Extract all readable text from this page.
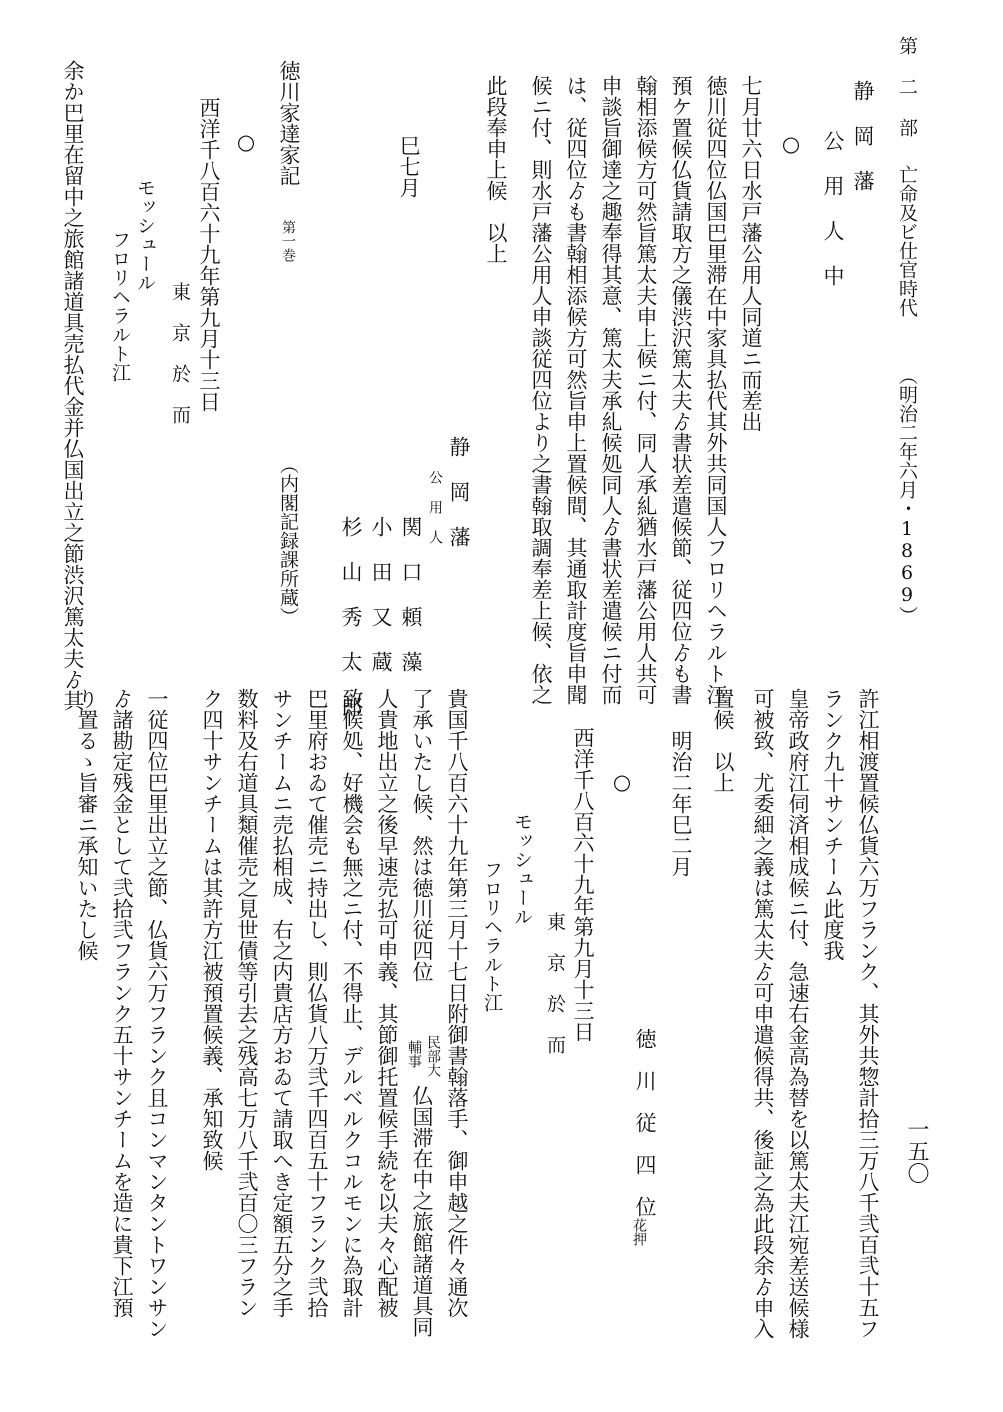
第 二 部
亡命及ビ仕官時代
（明治二年六月・1869）
一五〇
静 岡 藩
公 用 人 中
○
七月廿六日水戸藩公用人同道ニ而差出
徳川従四位仏国巴里滞在中家具払代其外共同国人フロリヘラルト江
預ケ置候仏貨請取方之儀渋沢篤太夫ゟ書状差遣候節、従四位ゟも書
翰相添候方可然旨篤太夫申上候ニ付、同人承糺猶水戸藩公用人共可
申談旨御達之趣奉得其意、篤太夫承糺候処同人ゟ書状差遣候ニ付而
は、従四位ゟも書翰相添候方可然旨申上置候間、其通取計度旨申聞
候ニ付、則水戸藩公用人申談従四位より之書翰取調奉差上候、依之
此段奉申上候　以上
静 岡 藩
公 用 人
関 口 頼 藻
小 田 又 蔵
杉 山 秀 太 郎
巳七月
徳川家達家記
第一巻
（内閣記録課所蔵）
○
西洋千八百六十九年第九月十三日
東 京 於 而
モッシュール
フロリヘラルト江
余か巴里在留中之旅館諸道具売払代金并仏国出立之節渋沢篤太夫ゟ其
許江相渡置候仏貨六万フランク、其外共惣計拾三万八千弐百弐十五フ
ランク九十サンチーム此度我
皇帝政府江伺済相成候ニ付、急速右金高為替を以篤太夫江宛差送候様
可被致、尤委細之義は篤太夫ゟ可申遣候得共、後証之為此段余ゟ申入
置候　以上
明治二年巳二月
徳　川　従　四　位
花押
○
西洋千八百六十九年第九月十三日
東 京 於 而
モッシュール
フロリヘラルト江
貴国千八百六十九年第三月十七日附御書翰落手、御申越之件々通次
了承いたし候、然は徳川従四位
民部大
輔事
仏国滞在中之旅館諸道具同
人貴地出立之後早速売払可申義、其節御托置候手続を以夫々心配被
致候処、好機会も無之ニ付、不得止、デルベルクコルモンに為取計
巴里府おゐて催売ニ持出し、則仏貨八万弐千四百五十フランク弐拾
サンチームニ売払相成、右之内貴店方おゐて請取へき定額五分之手
数料及右道具類催売之見世債等引去之残高七万八千弐百〇三フラン
ク四十サンチームは其許方江被預置候義、承知致候
一従四位巴里出立之節、仏貨六万フランク且コンマンタントワンサン
ゟ諸勘定残金として弐拾弐フランク五十サンチームを造に貴下江預
り置るゝ旨審ニ承知いたし候
